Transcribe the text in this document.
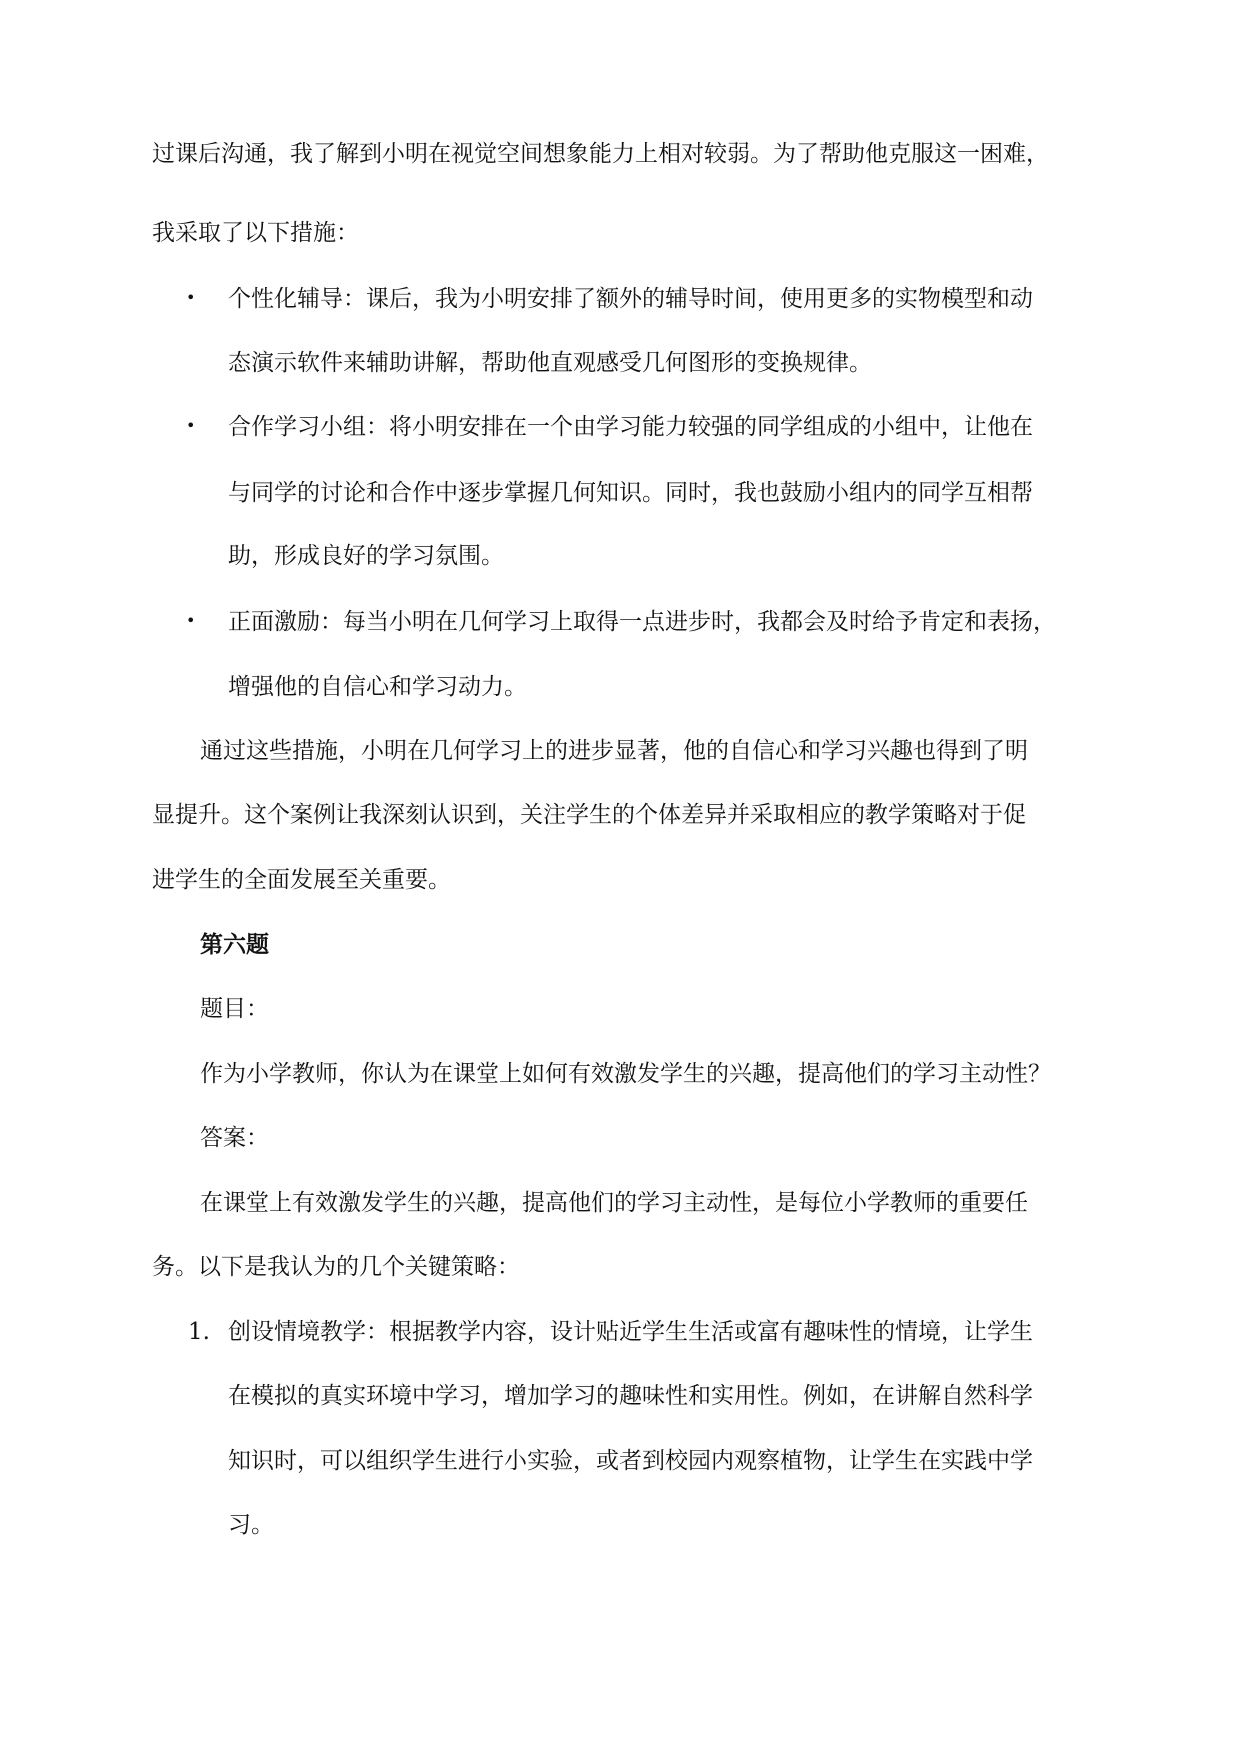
过课后沟通，我了解到小明在视觉空间想象能力上相对较弱。为了帮助他克服这一困难，
我采取了以下措施：
• 个性化辅导：课后，我为小明安排了额外的辅导时间，使用更多的实物模型和动
态演示软件来辅助讲解，帮助他直观感受几何图形的变换规律。
• 合作学习小组：将小明安排在一个由学习能力较强的同学组成的小组中，让他在
与同学的讨论和合作中逐步掌握几何知识。同时，我也鼓励小组内的同学互相帮
助，形成良好的学习氛围。
• 正面激励：每当小明在几何学习上取得一点进步时，我都会及时给予肯定和表扬，
增强他的自信心和学习动力。
通过这些措施，小明在几何学习上的进步显著，他的自信心和学习兴趣也得到了明
显提升。这个案例让我深刻认识到，关注学生的个体差异并采取相应的教学策略对于促
进学生的全面发展至关重要。
第六题
题目：
作为小学教师，你认为在课堂上如何有效激发学生的兴趣，提高他们的学习主动性？
答案：
在课堂上有效激发学生的兴趣，提高他们的学习主动性，是每位小学教师的重要任
务。以下是我认为的几个关键策略：
1. 创设情境教学：根据教学内容，设计贴近学生生活或富有趣味性的情境，让学生
在模拟的真实环境中学习，增加学习的趣味性和实用性。例如，在讲解自然科学
知识时，可以组织学生进行小实验，或者到校园内观察植物，让学生在实践中学
习。
